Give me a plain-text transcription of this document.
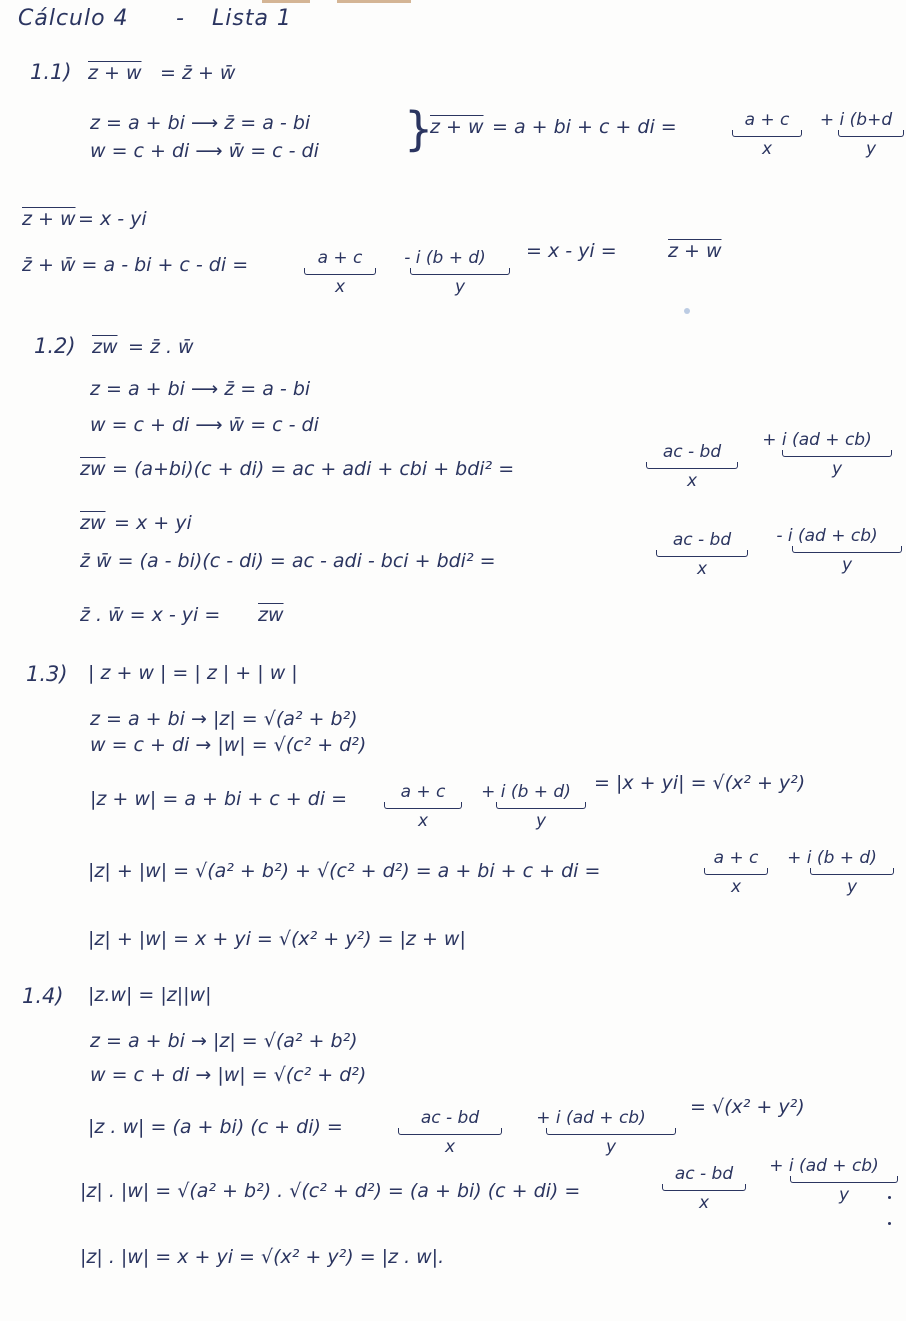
Cálculo 4 - Lista 1
1.1) z + w = z̄ + w̄
z = a + bi ⟶ z̄ = a - bi
w = c + di ⟶ w̄ = c - di }
z + w = a + bi + c + di =	a + c
x
+ i (b+d
y
z + w = x - yi
z̄ + w̄ = a - bi + c - di =	a + c
x
- i (b + d)
y
= x - yi =	z + w
1.2) $\overline{zw}$ = z̄ . w̄
z = a + bi ⟶ z̄ = a - bi
w = c + di ⟶ w̄ = c - di
$\overline{zw} = (a+bi)(c + di)$ = ac + adi + cbi + bdi² =
ac - bd
x
+ i (ad + cb)
y
$\overline{zw} = x$ + yi
z̄ w̄ = (a - bi)(c - di) = ac - adi - bci + bdi² =
ac - bd
x
- i (ad + cb)
y
z̄ . w̄ = x - yi = $\overline{zw}$
1.3) | z + w | = | z | + | w |
z = a + bi → |z| = √(a² + b²)
w = c + di → |w| = √(c² + d²)
|z + w| = a + bi + c + di =	a + c
x
+ i (b + d)
y
= |x + yi| = √(x² + y²)
|z| + |w| = √(a² + b²) + √(c² + d²) = a + bi + c + di =
a + c
x
+ i (b + d)
y
|z| + |w| = x + yi = √(x² + y²) = |z + w|
1.4) |z.w| = |z||w|
z = a + bi → |z| = √(a² + b²)
w = c + di → |w| = √(c² + d²)
|z . w| = (a + bi) (c + di) =	ac - bd
x
+ i (ad + cb)
y
= √(x² + y²)
|z| . |w| = √(a² + b²) . √(c² + d²) = (a + bi) (c + di) =
ac - bd
x
+ i (ad + cb)
y
|z| . |w| = x + yi = √(x² + y²) = |z . w|.
